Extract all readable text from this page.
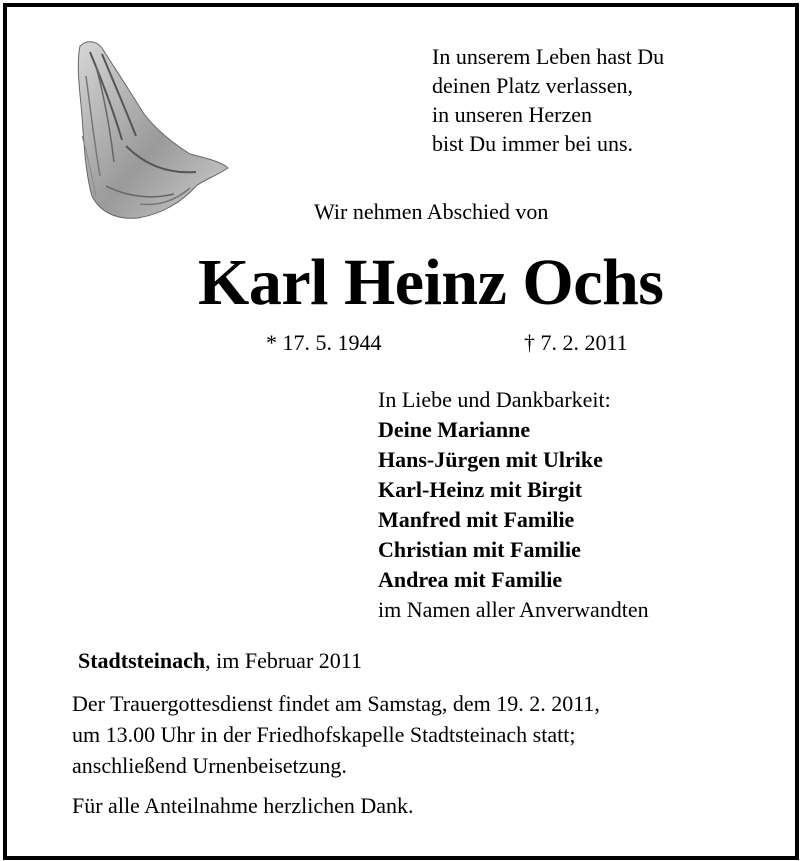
In unserem Leben hast Du
deinen Platz verlassen,
in unseren Herzen
bist Du immer bei uns.
Wir nehmen Abschied von
Karl Heinz Ochs
* 17. 5. 1944	† 7. 2. 2011
In Liebe und Dankbarkeit:
Deine Marianne
Hans-Jürgen mit Ulrike
Karl-Heinz mit Birgit
Manfred mit Familie
Christian mit Familie
Andrea mit Familie
im Namen aller Anverwandten
Stadtsteinach, im Februar 2011
Der Trauergottesdienst findet am Samstag, dem 19. 2. 2011,
um 13.00 Uhr in der Friedhofskapelle Stadtsteinach statt;
anschließend Urnenbeisetzung.
Für alle Anteilnahme herzlichen Dank.
